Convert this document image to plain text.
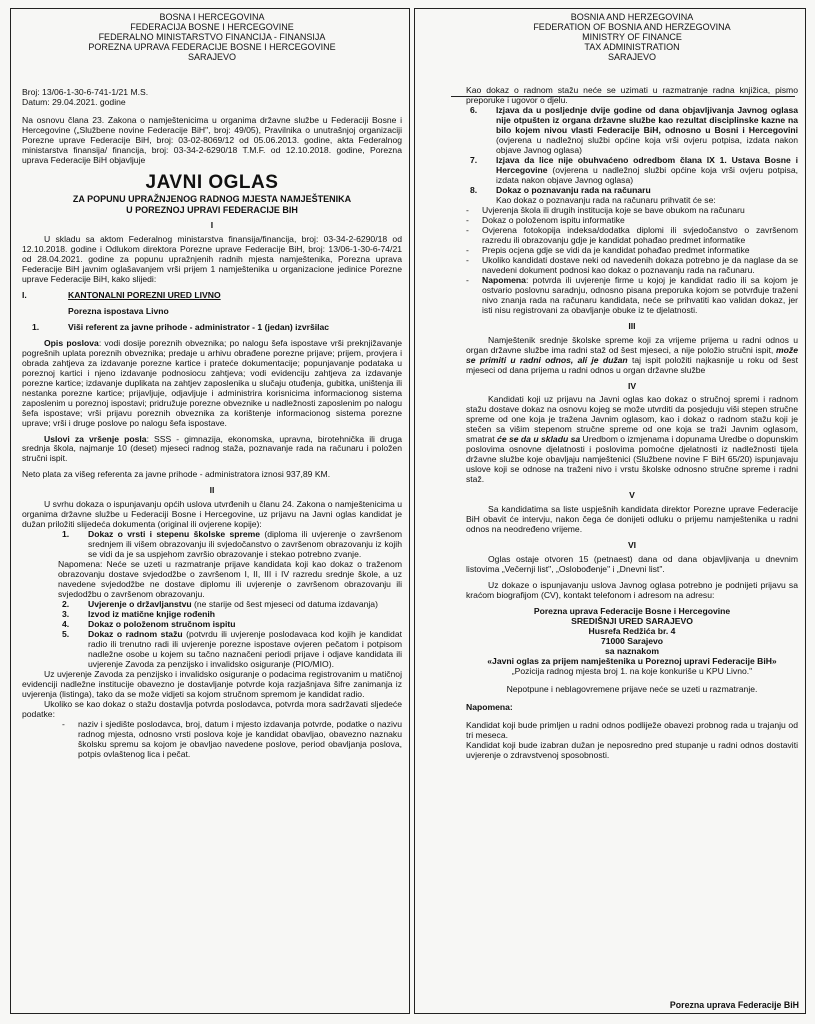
BOSNA I HERCEGOVINA
FEDERACIJA BOSNE I HERCEGOVINE
FEDERALNO MINISTARSTVO FINANCIJA - FINANSIJA
POREZNA UPRAVA FEDERACIJE BOSNE I HERCEGOVINE
SARAJEVO
Broj: 13/06-1-30-6-741-1/21 M.S.
Datum: 29.04.2021. godine

Na osnovu člana 23. Zakona o namještenicima u organima državne službe u Federaciji Bosne i Hercegovine („Službene novine Federacije BiH", broj: 49/05), Pravilnika o unutrašnjoj organizaciji Porezne uprave Federacije BiH, broj: 03-02-8069/12 od 05.06.2013. godine, akta Federalnog ministarstva finansija/ financija, broj: 03-34-2-6290/18 T.M.F. od 12.10.2018. godine, Porezna uprava Federacije BiH objavljuje

JAVNI OGLAS
ZA POPUNU UPRAŽNJENOG RADNOG MJESTA NAMJEŠTENIKA
U POREZNOJ UPRAVI FEDERACIJE BIH
I

U skladu sa aktom Federalnog ministarstva finansija/financija, broj: 03-34-2-6290/18 od 12.10.2018. godine i Odlukom direktora Porezne uprave Federacije BiH, broj: 13/06-1-30-6-74/21 od 28.04.2021. godine za popunu upražnjenih radnih mjesta namještenika, Porezna uprava Federacije BiH javnim oglašavanjem vrši prijem 1 namještenika u organizacione jedinice Porezne uprave Federacije BiH, kako slijedi:

I.	KANTONALNI POREZNI URED LIVNO
Porezna ispostava Livno
1.	Viši referent za javne prihode - administrator - 1 (jedan) izvršilac

Opis poslova: vodi dosije poreznih obveznika; po nalogu šefa ispostave vrši preknjižavanje pogrešnih uplata poreznih obveznika; predaje u arhivu obrađene porezne prijave; prijem, provjera i obrada zahtjeva za izdavanje porezne kartice i prateće dokumentacije; popunjavanje podataka u poreznoj kartici i njeno izdavanje podnosiocu zahtjeva; vodi evidenciju zahtjeva za izdavanje porezne kartice; izdavanje duplikata na zahtjev zaposlenika u slučaju otuđenja, gubitka, uništenja ili nestanka porezne kartice; prijavljuje, odjavljuje i administrira korisnicima informacionog sistema zaposlenim u poreznoj ispostavi; pridružuje porezne obveznike u nadležnosti zaposlenim po nalogu šefa ispostave; vrši prijavu poreznih obveznika za korištenje informacionog sistema porezne uprave; vrši i druge poslove po nalogu šefa ispostave.

Uslovi za vršenje posla: SSS - gimnazija, ekonomska, upravna, birotehnička ili druga srednja škola, najmanje 10 (deset) mjeseci radnog staža, poznavanje rada na računaru i položen stručni ispit.

Neto plata za višeg referenta za javne prihode - administratora iznosi 937,89 KM.

II

U svrhu dokaza o ispunjavanju općih uslova utvrđenih u članu 24. Zakona o namještenicima u organima državne službe u Federaciji Bosne i Hercegovine, uz prijavu na Javni oglas kandidat je dužan priložiti slijedeća dokumenta (original ili ovjerene kopije):

1.	Dokaz o vrsti i stepenu školske spreme (diploma ili uvjerenje o završenom srednjem ili višem obrazovanju ili svjedočanstvo o završenom obrazovanju iz kojih se vidi da je sa uspjehom završio obrazovanje i stekao potrebno zvanje.

Napomena: Neće se uzeti u razmatranje prijave kandidata koji kao dokaz o traženom obrazovanju dostave svjedodžbe o završenom I, II, III i IV razredu srednje škole, a uz navedene svjedodžbe ne dostave diplomu ili uvjerenje o završenom obrazovanju ili svjedodžbu o završenom obrazovanju.

2.	Uvjerenje o državljanstvu (ne starije od šest mjeseci od datuma izdavanja)
3.	Izvod iz matične knjige rođenih
4.	Dokaz o položenom stručnom ispitu
5.	Dokaz o radnom stažu (potvrdu ili uvjerenje poslodavaca kod kojih je kandidat radio ili trenutno radi ili uvjerenje porezne ispostave ovjeren pečatom i potpisom nadležne osobe u kojem su tačno naznačeni periodi prijave i odjave kandidata ili uvjerenje Zavoda za penzijsko i invalidsko osiguranje (PIO/MIO).

Uz uvjerenje Zavoda za penzijsko i invalidsko osiguranje o podacima registrovanim u matičnoj evidenciji nadležne institucije obavezno je dostavljanje potvrde koja razjašnjava šifre zanimanja iz uvjerenja (listinga), tako da se može vidjeti sa kojom stručnom spremom je kandidat radio.

Ukoliko se kao dokaz o stažu dostavlja potvrda poslodavca, potvrda mora sadržavati sljedeće podatke:

-	naziv i sjedište poslodavca, broj, datum i mjesto izdavanja potvrde, podatke o nazivu radnog mjesta, odnosno vrsti poslova koje je kandidat obavljao, obavezno naznaku školsku spremu sa kojom je obavljao navedene poslove, period obavljanja poslova, potpis ovlaštenog lica i pečat.
BOSNIA AND HERZEGOVINA
FEDERATION OF BOSNIA AND HERZEGOVINA
MINISTRY OF FINANCE
TAX ADMINISTRATION
SARAJEVO

Kao dokaz o radnom stažu neće se uzimati u razmatranje radna knjižica, pismo preporuke i ugovor o djelu.

6.	Izjava da u posljednje dvije godine od dana objavljivanja Javnog oglasa nije otpušten iz organa državne službe kao rezultat disciplinske kazne na bilo kojem nivou vlasti Federacije BiH, odnosno u Bosni i Hercegovini (ovjerena u nadležnoj službi općine koja vrši ovjeru potpisa, izdata nakon objave Javnog oglasa)
7.	Izjava da lice nije obuhvaćeno odredbom člana IX 1. Ustava Bosne i Hercegovine (ovjerena u nadležnoj službi općine koja vrši ovjeru potpisa, izdata nakon objave Javnog oglasa)
8.	Dokaz o poznavanju rada na računaru
Kao dokaz o poznavanju rada na računaru prihvatit će se:
-	Uvjerenja škola ili drugih institucija koje se bave obukom na računaru
-	Dokaz o položenom ispitu informatike
-	Ovjerena fotokopija indeksa/dodatka diplomi ili svjedočanstvo o završenom razredu ili obrazovanju gdje je kandidat pohađao predmet informatike
-	Prepis ocjena gdje se vidi da je kandidat pohađao predmet informatike
-	Ukoliko kandidati dostave neki od navedenih dokaza potrebno je da naglase da se navedeni dokument podnosi kao dokaz o poznavanju rada na računaru.
-	Napomena: potvrda ili uvjerenje firme u kojoj je kandidat radio ili sa kojom je ostvario poslovnu saradnju, odnosno pisana preporuka kojom se potvrđuje traženi nivo znanja rada na računaru kandidata, neće se prihvatiti kao validan dokaz, jer isti nisu registrovani za obavljanje obuke iz te djelatnosti.
III

Namještenik srednje školske spreme koji za vrijeme prijema u radni odnos u organ državne službe ima radni staž od šest mjeseci, a nije položio stručni ispit, može se primiti u radni odnos, ali je dužan taj ispit položiti najkasnije u roku od šest mjeseci od dana prijema u radni odnos u organ državne službe

IV

Kandidati koji uz prijavu na Javni oglas kao dokaz o stručnoj spremi i radnom stažu dostave dokaz na osnovu kojeg se može utvrditi da posjeduju viši stepen stručne spreme od one koja je tražena Javnim oglasom, kao i dokaz o radnom stažu koji je stečen sa višim stepenom stručne spreme od one koja se traži Javnim oglasom, smatrat će se da u skladu sa Uredbom o izmjenama i dopunama Uredbe o dopunskim poslovima osnovne djelatnosti i poslovima pomoćne djelatnosti iz nadležnosti tijela državne službe koje obavljaju namještenici (Službene novine F BiH 65/20) ispunjavaju uslove koji se odnose na traženi nivo i vrstu školske odnosno stručne spreme i radni staž.

V

Sa kandidatima sa liste uspješnih kandidata direktor Porezne uprave Federacije BiH obavit će intervju, nakon čega će donijeti odluku o prijemu namještenika u radni odnos na neodređeno vrijeme.

VI

Oglas ostaje otvoren 15 (petnaest) dana od dana objavljivanja u dnevnim listovima „Večernji list", „Oslobođenje" i „Dnevni list".

Uz dokaze o ispunjavanju uslova Javnog oglasa potrebno je podnijeti prijavu sa kraćom biografijom (CV), kontakt telefonom i adresom na adresu:

Porezna uprava Federacije Bosne i Hercegovine
SREDIŠNJI URED SARAJEVO
Husrefa Redžića br. 4
71000 Sarajevo
sa naznakom
«Javni oglas za prijem namještenika u Poreznoj upravi Federacije BiH»
„Pozicija radnog mjesta broj 1. na koje konkuriše u KPU Livno."

Nepotpune i neblagovremene prijave neće se uzeti u razmatranje.

Napomena:

Kandidat koji bude primljen u radni odnos podliježe obavezi probnog rada u trajanju od tri meseca.

Kandidat koji bude izabran dužan je neposredno pred stupanje u radni odnos dostaviti uvjerenje o zdravstvenoj sposobnosti.

Porezna uprava Federacije BiH
